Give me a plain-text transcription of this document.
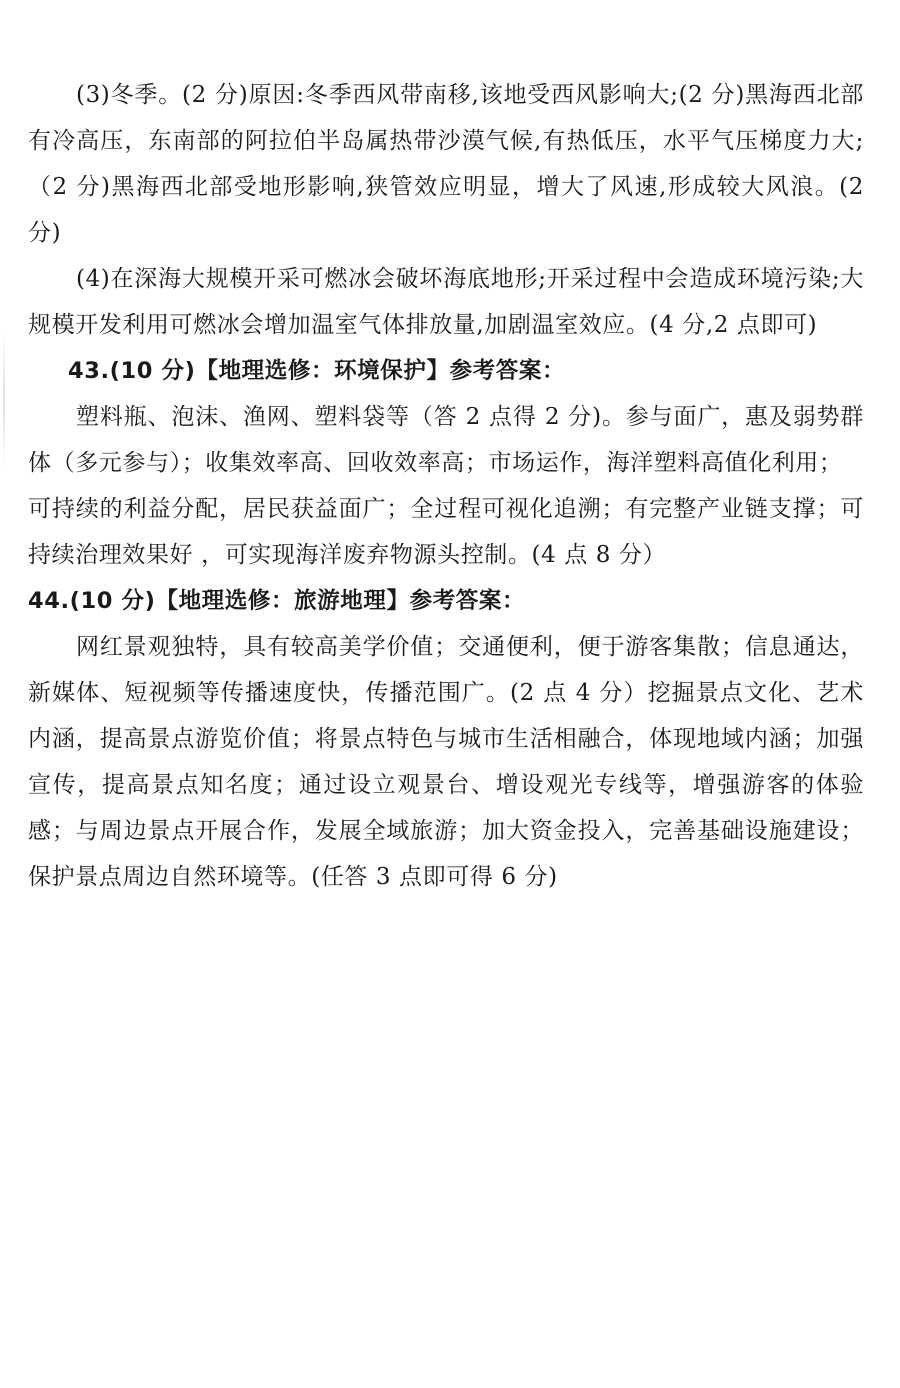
(3)冬季。(2 分)原因:冬季西风带南移,该地受西风影响大;(2 分)黑海西北部有冷高压，东南部的阿拉伯半岛属热带沙漠气候,有热低压，水平气压梯度力大;（2 分)黑海西北部受地形影响,狭管效应明显，增大了风速,形成较大风浪。(2 分)

(4)在深海大规模开采可燃冰会破坏海底地形;开采过程中会造成环境污染;大规模开发利用可燃冰会增加温室气体排放量,加剧温室效应。(4 分,2 点即可)

43.(10 分)【地理选修：环境保护】参考答案：

塑料瓶、泡沫、渔网、塑料袋等（答 2 点得 2 分)。参与面广，惠及弱势群体（多元参与）；收集效率高、回收效率高；市场运作，海洋塑料高值化利用；

可持续的利益分配，居民获益面广；全过程可视化追溯；有完整产业链支撑；可持续治理效果好 ，可实现海洋废弃物源头控制。(4 点 8 分）

44.(10 分)【地理选修：旅游地理】参考答案：

网红景观独特，具有较高美学价值；交通便利，便于游客集散；信息通达，新媒体、短视频等传播速度快，传播范围广。(2 点 4 分）挖掘景点文化、艺术内涵，提高景点游览价值；将景点特色与城市生活相融合，体现地域内涵；加强宣传，提高景点知名度；通过设立观景台、增设观光专线等，增强游客的体验感；与周边景点开展合作，发展全域旅游；加大资金投入，完善基础设施建设；保护景点周边自然环境等。(任答 3 点即可得 6 分)
